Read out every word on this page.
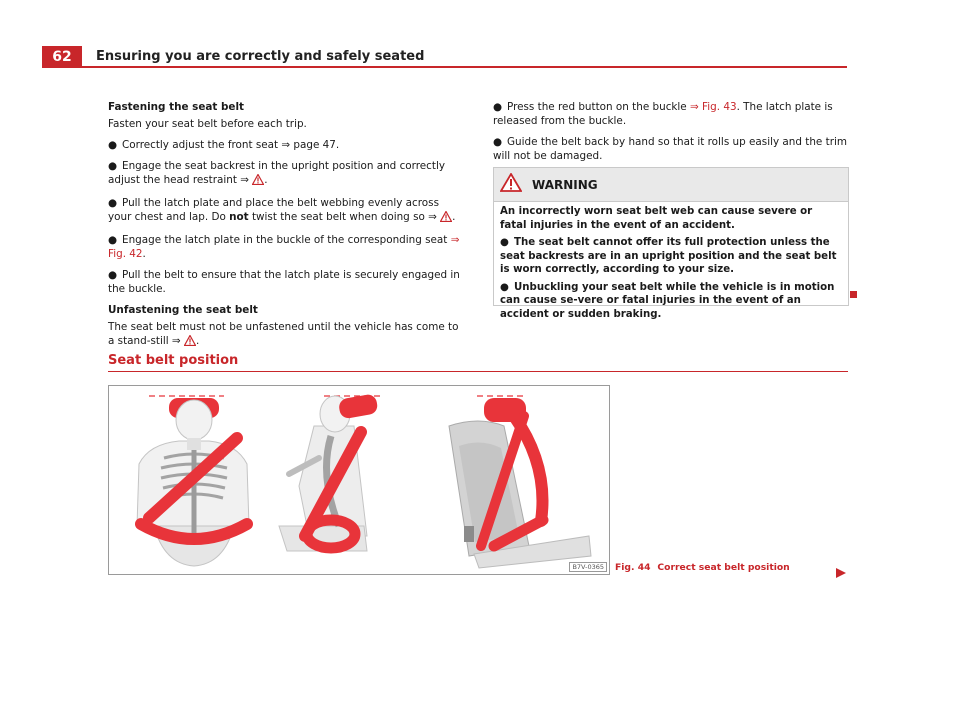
62	Ensuring you are correctly and safely seated

Fastening the seat belt

Fasten your seat belt before each trip.

● Correctly adjust the front seat ⇒ page 47.

● Engage the seat backrest in the upright position and correctly adjust the head restraint ⇒ .

● Pull the latch plate and place the belt webbing evenly across your chest and lap. Do not twist the seat belt when doing so ⇒ .

● Engage the latch plate in the buckle of the corresponding seat ⇒ Fig. 42.

● Pull the belt to ensure that the latch plate is securely engaged in the buckle.

Unfastening the seat belt

The seat belt must not be unfastened until the vehicle has come to a stand-still ⇒ .

● Press the red button on the buckle ⇒ Fig. 43. The latch plate is released from the buckle.

● Guide the belt back by hand so that it rolls up easily and the trim will not be damaged.

WARNING

An incorrectly worn seat belt web can cause severe or fatal injuries in the event of an accident.

● The seat belt cannot offer its full protection unless the seat backrests are in an upright position and the seat belt is worn correctly, according to your size.

● Unbuckling your seat belt while the vehicle is in motion can cause se-vere or fatal injuries in the event of an accident or sudden braking.

Seat belt position
B7V-0365	Fig. 44 Correct seat belt position
